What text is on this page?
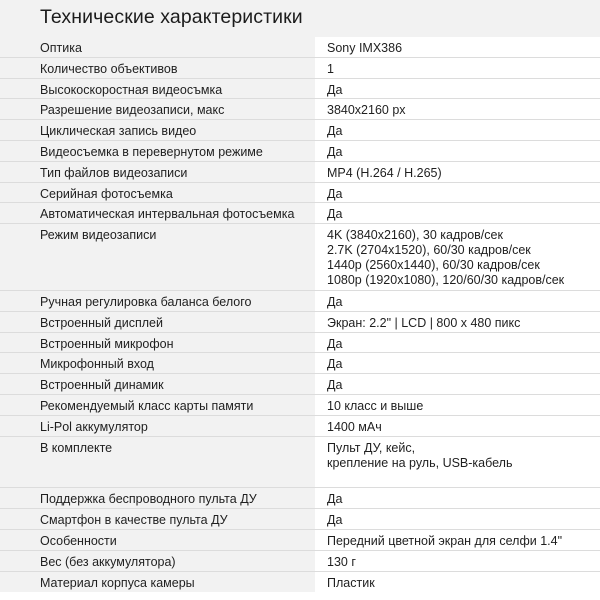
Технические характеристики
Оптика	Sony IMX386
Количество объективов	1
Высокоскоростная видеосъмка	Да
Разрешение видеозаписи, макс	3840x2160 px
Циклическая запись видео	Да
Видеосъемка в перевернутом режиме	Да
Тип файлов видеозаписи	MP4 (H.264 / H.265)
Серийная фотосъемка	Да
Автоматическая интервальная фотосъемка	Да
Режим видеозаписи	4K (3840x2160), 30 кадров/сек
2.7K (2704x1520), 60/30 кадров/сек
1440p (2560x1440), 60/30 кадров/сек
1080p (1920x1080), 120/60/30 кадров/сек
Ручная регулировка баланса белого	Да
Встроенный дисплей	Экран: 2.2" | LCD | 800 x 480 пикс
Встроенный микрофон	Да
Микрофонный вход	Да
Встроенный динамик	Да
Рекомендуемый класс карты памяти	10 класс и выше
Li-Pol аккумулятор	1400 мАч
В комплекте	Пульт ДУ, кейс,
крепление на руль, USB-кабель
Поддержка беспроводного пульта ДУ	Да
Смартфон в качестве пульта ДУ	Да
Особенности	Передний цветной экран для селфи 1.4"
Вес (без аккумулятора)	130 г
Материал корпуса камеры	Пластик
